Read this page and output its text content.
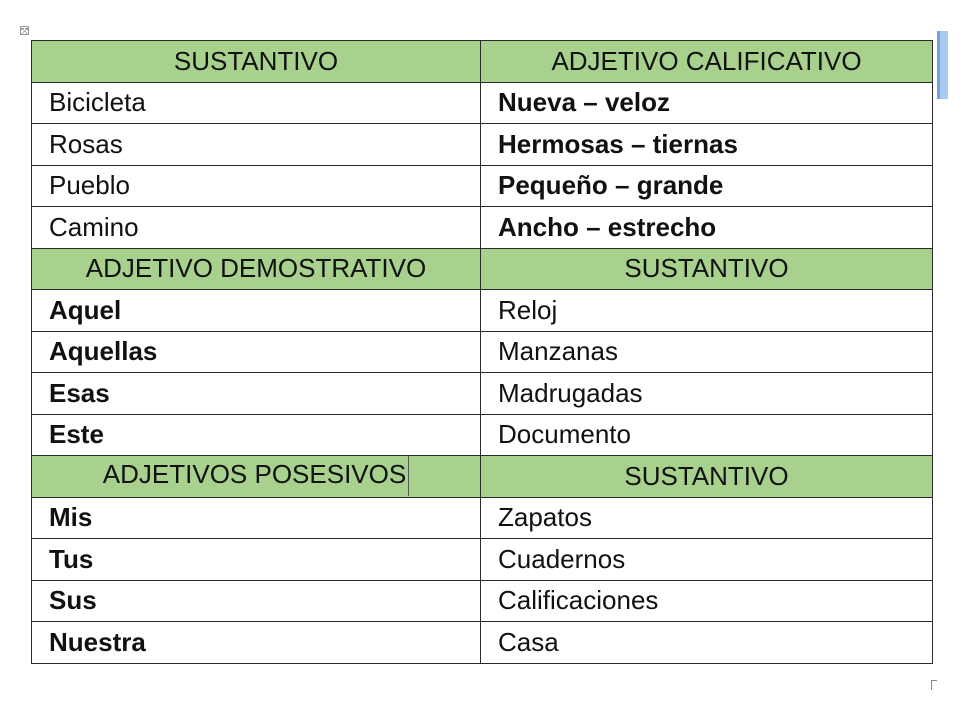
⤧
SUSTANTIVO	ADJETIVO CALIFICATIVO
Bicicleta	Nueva – veloz
Rosas	Hermosas – tiernas
Pueblo	Pequeño – grande
Camino	Ancho – estrecho
ADJETIVO DEMOSTRATIVO	SUSTANTIVO
Aquel	Reloj
Aquellas	Manzanas
Esas	Madrugadas
Este	Documento
ADJETIVOS POSESIVOS	SUSTANTIVO
Mis	Zapatos
Tus	Cuadernos
Sus	Calificaciones
Nuestra	Casa
